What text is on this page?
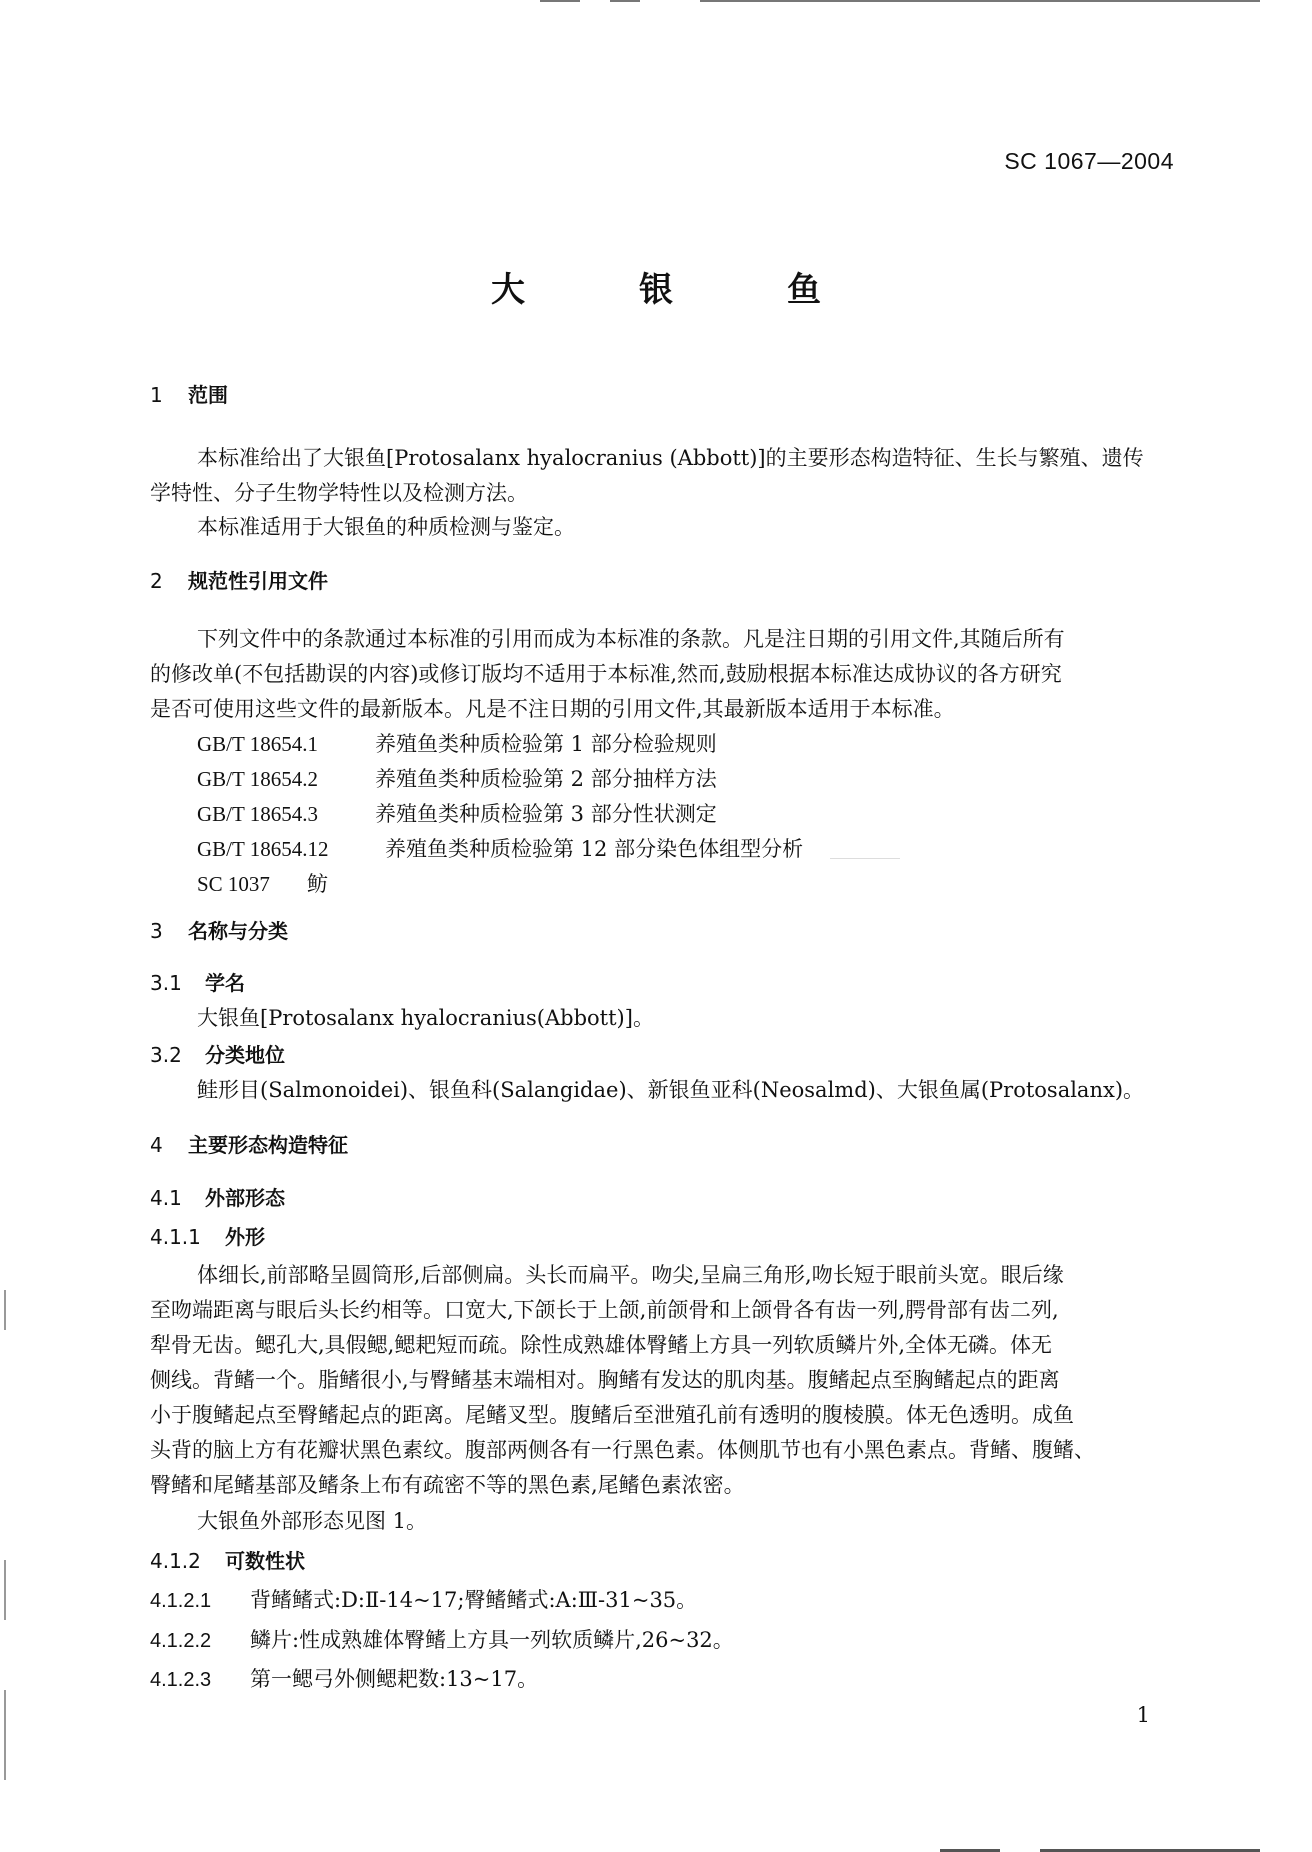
SC 1067—2004
大　银　鱼
1 范围
本标准给出了大银鱼[Protosalanx hyalocranius (Abbott)]的主要形态构造特征、生长与繁殖、遗传
学特性、分子生物学特性以及检测方法。
本标准适用于大银鱼的种质检测与鉴定。
2 规范性引用文件
下列文件中的条款通过本标准的引用而成为本标准的条款。凡是注日期的引用文件,其随后所有
的修改单(不包括勘误的内容)或修订版均不适用于本标准,然而,鼓励根据本标准达成协议的各方研究
是否可使用这些文件的最新版本。凡是不注日期的引用文件,其最新版本适用于本标准。
GB/T 18654.1	养殖鱼类种质检验第 1 部分检验规则
GB/T 18654.2	养殖鱼类种质检验第 2 部分抽样方法
GB/T 18654.3	养殖鱼类种质检验第 3 部分性状测定
GB/T 18654.12	养殖鱼类种质检验第 12 部分染色体组型分析
SC 1037 鲂
3 名称与分类
3.1 学名
大银鱼[Protosalanx hyalocranius(Abbott)]。
3.2 分类地位
鲑形目(Salmonoidei)、银鱼科(Salangidae)、新银鱼亚科(Neosalmd)、大银鱼属(Protosalanx)。
4 主要形态构造特征
4.1 外部形态
4.1.1 外形
体细长,前部略呈圆筒形,后部侧扁。头长而扁平。吻尖,呈扁三角形,吻长短于眼前头宽。眼后缘
至吻端距离与眼后头长约相等。口宽大,下颌长于上颌,前颌骨和上颌骨各有齿一列,腭骨部有齿二列,
犁骨无齿。鳃孔大,具假鳃,鳃耙短而疏。除性成熟雄体臀鳍上方具一列软质鳞片外,全体无磷。体无
侧线。背鳍一个。脂鳍很小,与臀鳍基末端相对。胸鳍有发达的肌肉基。腹鳍起点至胸鳍起点的距离
小于腹鳍起点至臀鳍起点的距离。尾鳍叉型。腹鳍后至泄殖孔前有透明的腹棱膜。体无色透明。成鱼
头背的脑上方有花瓣状黑色素纹。腹部两侧各有一行黑色素。体侧肌节也有小黑色素点。背鳍、腹鳍、
臀鳍和尾鳍基部及鳍条上布有疏密不等的黑色素,尾鳍色素浓密。
大银鱼外部形态见图 1。
4.1.2 可数性状
4.1.2.1 背鳍鳍式:D:Ⅱ-14~17;臀鳍鳍式:A:Ⅲ-31~35。
4.1.2.2 鳞片:性成熟雄体臀鳍上方具一列软质鳞片,26~32。
4.1.2.3 第一鳃弓外侧鳃耙数:13~17。
1
